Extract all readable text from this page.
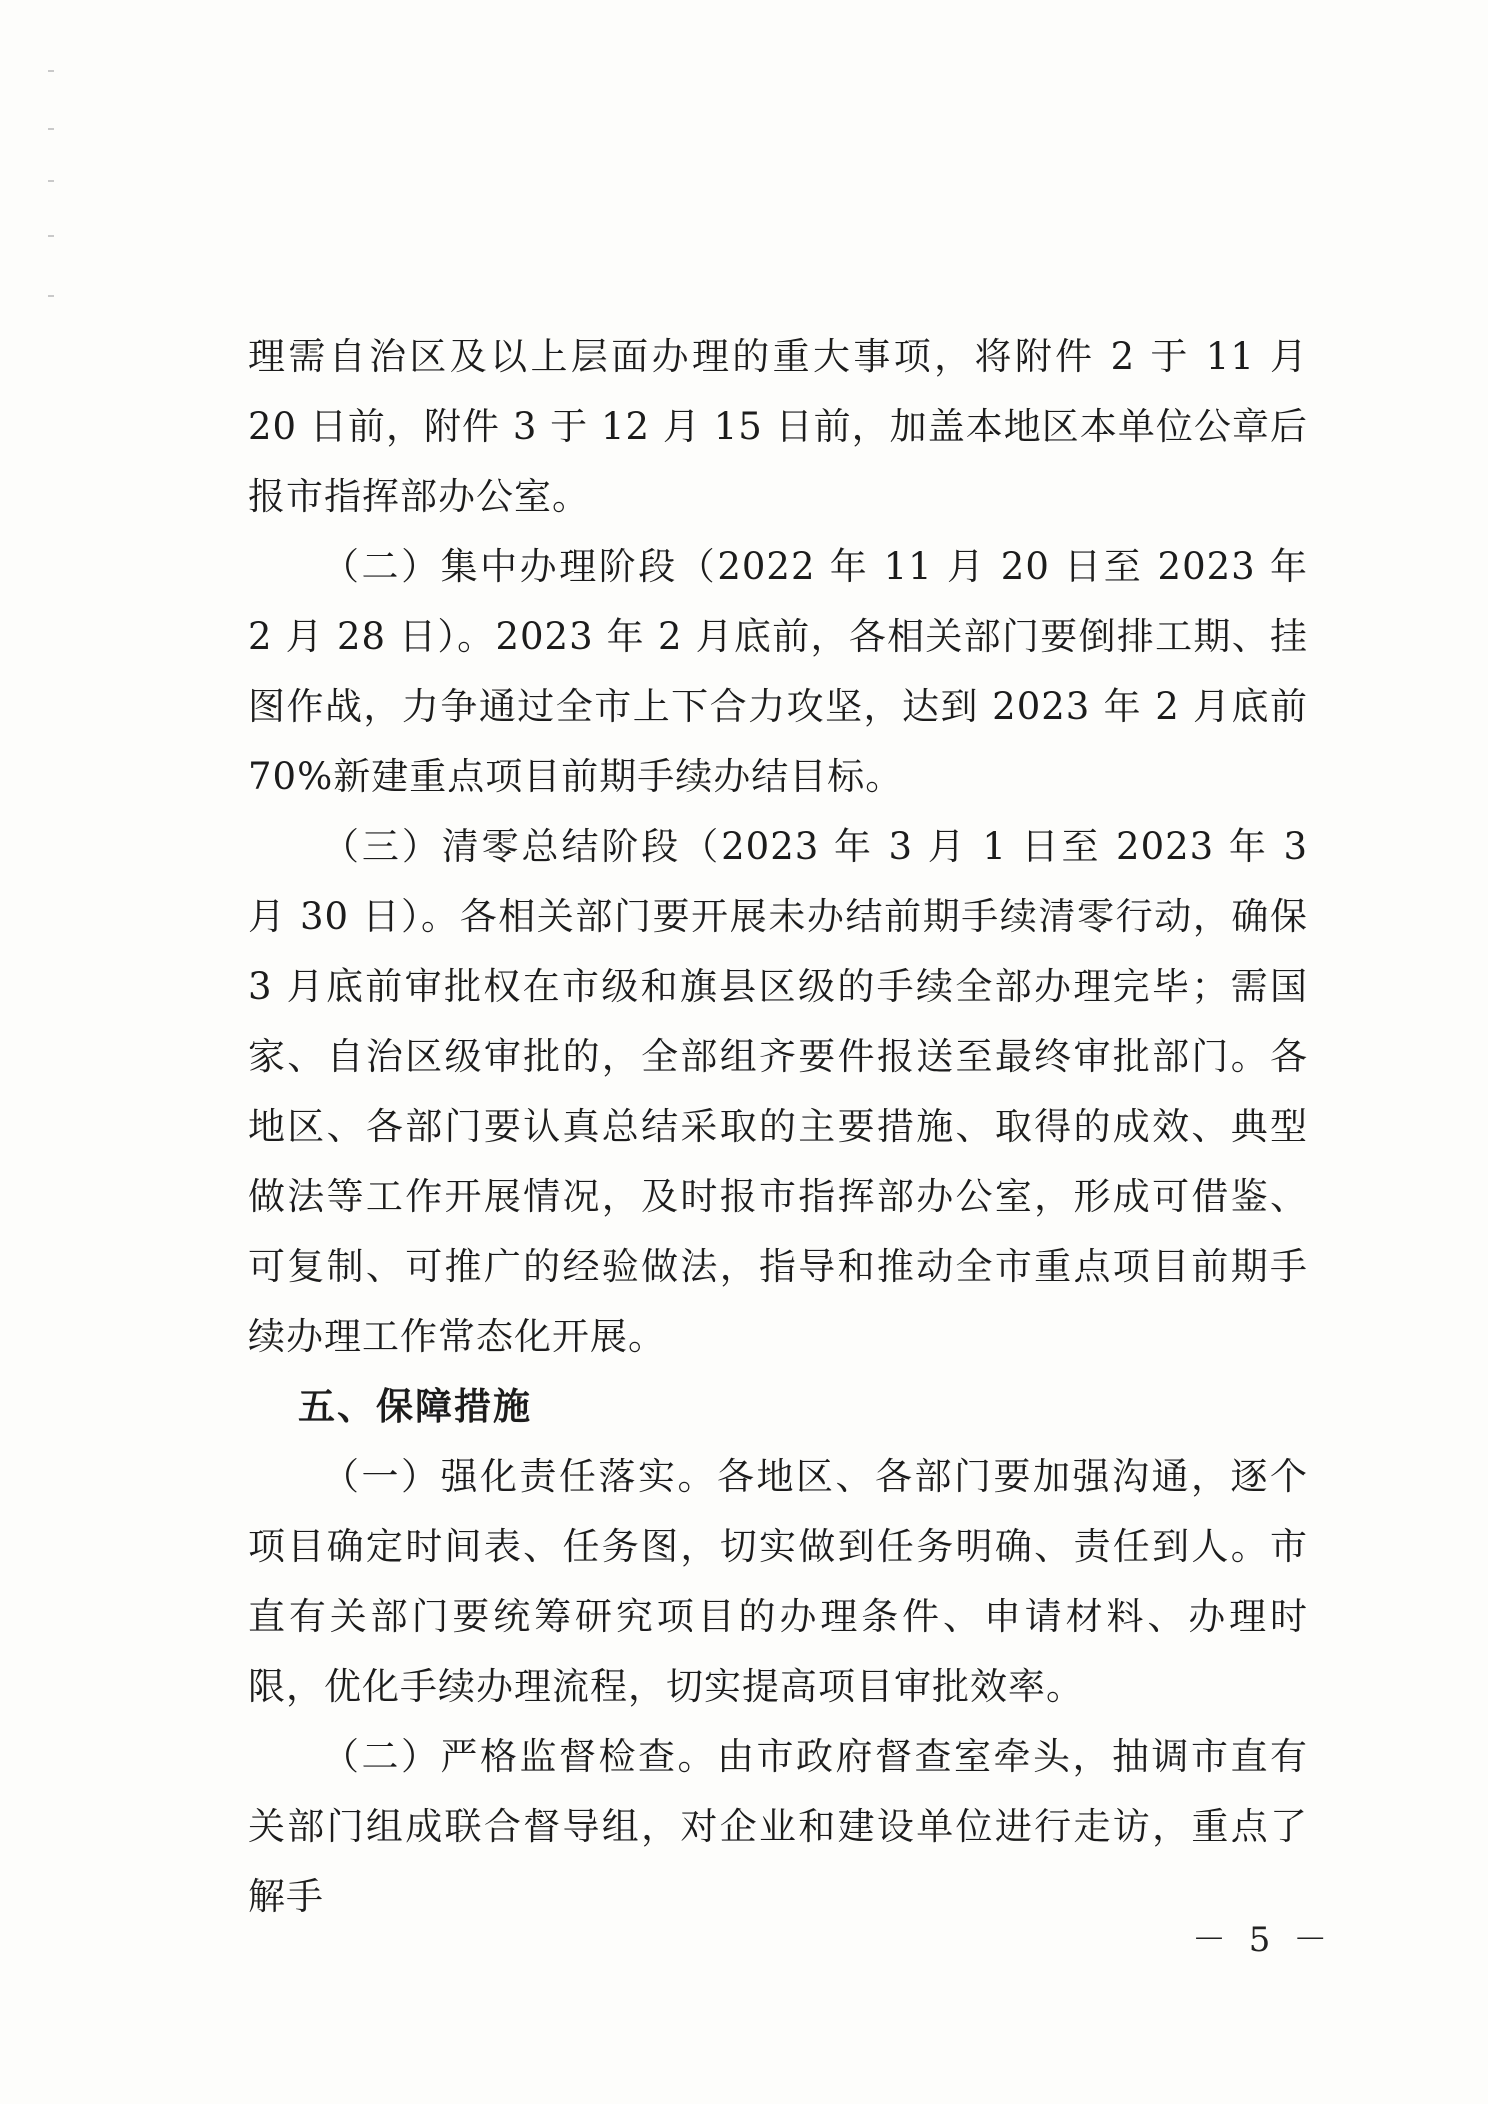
理需自治区及以上层面办理的重大事项，将附件 2 于 11 月 20 日前，附件 3 于 12 月 15 日前，加盖本地区本单位公章后报市指挥部办公室。

（二）集中办理阶段（2022 年 11 月 20 日至 2023 年 2 月 28 日）。2023 年 2 月底前，各相关部门要倒排工期、挂图作战，力争通过全市上下合力攻坚，达到 2023 年 2 月底前 70%新建重点项目前期手续办结目标。

（三）清零总结阶段（2023 年 3 月 1 日至 2023 年 3 月 30 日）。各相关部门要开展未办结前期手续清零行动，确保 3 月底前审批权在市级和旗县区级的手续全部办理完毕；需国家、自治区级审批的，全部组齐要件报送至最终审批部门。各地区、各部门要认真总结采取的主要措施、取得的成效、典型做法等工作开展情况，及时报市指挥部办公室，形成可借鉴、可复制、可推广的经验做法，指导和推动全市重点项目前期手续办理工作常态化开展。

五、保障措施

（一）强化责任落实。各地区、各部门要加强沟通，逐个项目确定时间表、任务图，切实做到任务明确、责任到人。市直有关部门要统筹研究项目的办理条件、申请材料、办理时限，优化手续办理流程，切实提高项目审批效率。

（二）严格监督检查。由市政府督查室牵头，抽调市直有关部门组成联合督导组，对企业和建设单位进行走访，重点了解手

－ 5 －
